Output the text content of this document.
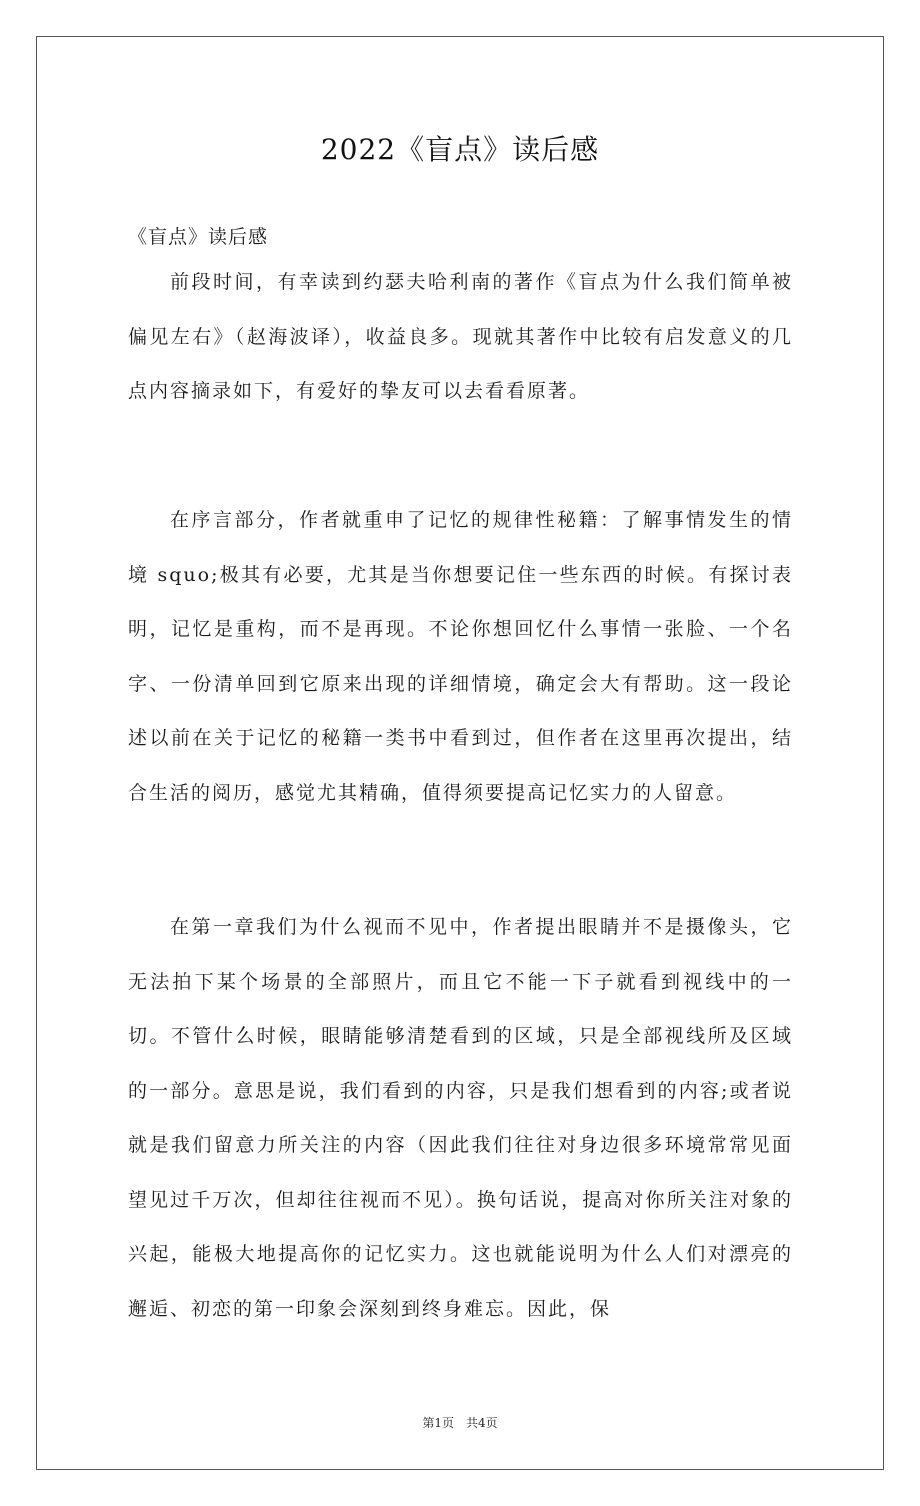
2022《盲点》读后感
《盲点》读后感

前段时间，有幸读到约瑟夫哈利南的著作《盲点为什么我们简单被偏见左右》（赵海波译），收益良多。现就其著作中比较有启发意义的几点内容摘录如下，有爱好的挚友可以去看看原著。

在序言部分，作者就重申了记忆的规律性秘籍：了解事情发生的情境 squo;极其有必要，尤其是当你想要记住一些东西的时候。有探讨表明，记忆是重构，而不是再现。不论你想回忆什么事情一张脸、一个名字、一份清单回到它原来出现的详细情境，确定会大有帮助。这一段论述以前在关于记忆的秘籍一类书中看到过，但作者在这里再次提出，结合生活的阅历，感觉尤其精确，值得须要提高记忆实力的人留意。

在第一章我们为什么视而不见中，作者提出眼睛并不是摄像头，它无法拍下某个场景的全部照片，而且它不能一下子就看到视线中的一切。不管什么时候，眼睛能够清楚看到的区域，只是全部视线所及区域的一部分。意思是说，我们看到的内容，只是我们想看到的内容;或者说就是我们留意力所关注的内容（因此我们往往对身边很多环境常常见面望见过千万次，但却往往视而不见）。换句话说，提高对你所关注对象的兴起，能极大地提高你的记忆实力。这也就能说明为什么人们对漂亮的邂逅、初恋的第一印象会深刻到终身难忘。因此，保

第1页　共4页
